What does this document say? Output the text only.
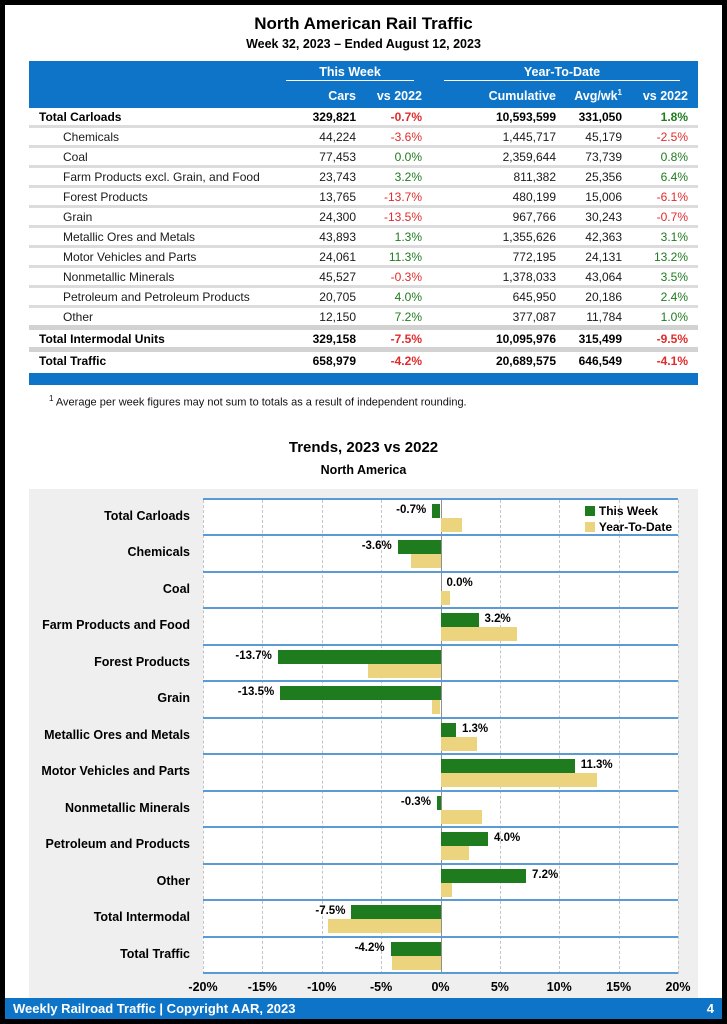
North American Rail Traffic
Week 32, 2023 – Ended August 12, 2023
This Week	Year-To-Date
Cars	vs 2022	Cumulative	Avg/$wk^1$	vs 2022
Total Carloads	329,821	-0.7%	10,593,599	331,050	1.8%
Chemicals	44,224	-3.6%	1,445,717	45,179	-2.5%
Coal	77,453	0.0%	2,359,644	73,739	0.8%
Farm Products excl. Grain, and Food	23,743	3.2%	811,382	25,356	6.4%
Forest Products	13,765	-13.7%	480,199	15,006	-6.1%
Grain	24,300	-13.5%	967,766	30,243	-0.7%
Metallic Ores and Metals	43,893	1.3%	1,355,626	42,363	3.1%
Motor Vehicles and Parts	24,061	11.3%	772,195	24,131	13.2%
Nonmetallic Minerals	45,527	-0.3%	1,378,033	43,064	3.5%
Petroleum and Petroleum Products	20,705	4.0%	645,950	20,186	2.4%
Other	12,150	7.2%	377,087	11,784	1.0%
Total Intermodal Units	329,158	-7.5%	10,095,976	315,499	-9.5%
Total Traffic	658,979	-4.2%	20,689,575	646,549	-4.1%
$^1$ Average per week figures may not sum to totals as a result of independent rounding.
Trends, 2023 vs 2022
North America
Total Carloads
Chemicals
Coal
Farm Products and Food
Forest Products
Grain
Metallic Ores and Metals
Motor Vehicles and Parts
Nonmetallic Minerals
Petroleum and Products
Other
Total Intermodal
Total Traffic
This Week
Year-To-Date
-0.7%
-3.6%
0.0%
3.2%
-13.7%
-13.5%
1.3%
11.3%
-0.3%
4.0%
7.2%
-7.5%
-4.2%
-20% -15% -10%	-5%	0%	5%	10%	15%	20%
Weekly Railroad Traffic | Copyright AAR, 2023	4
